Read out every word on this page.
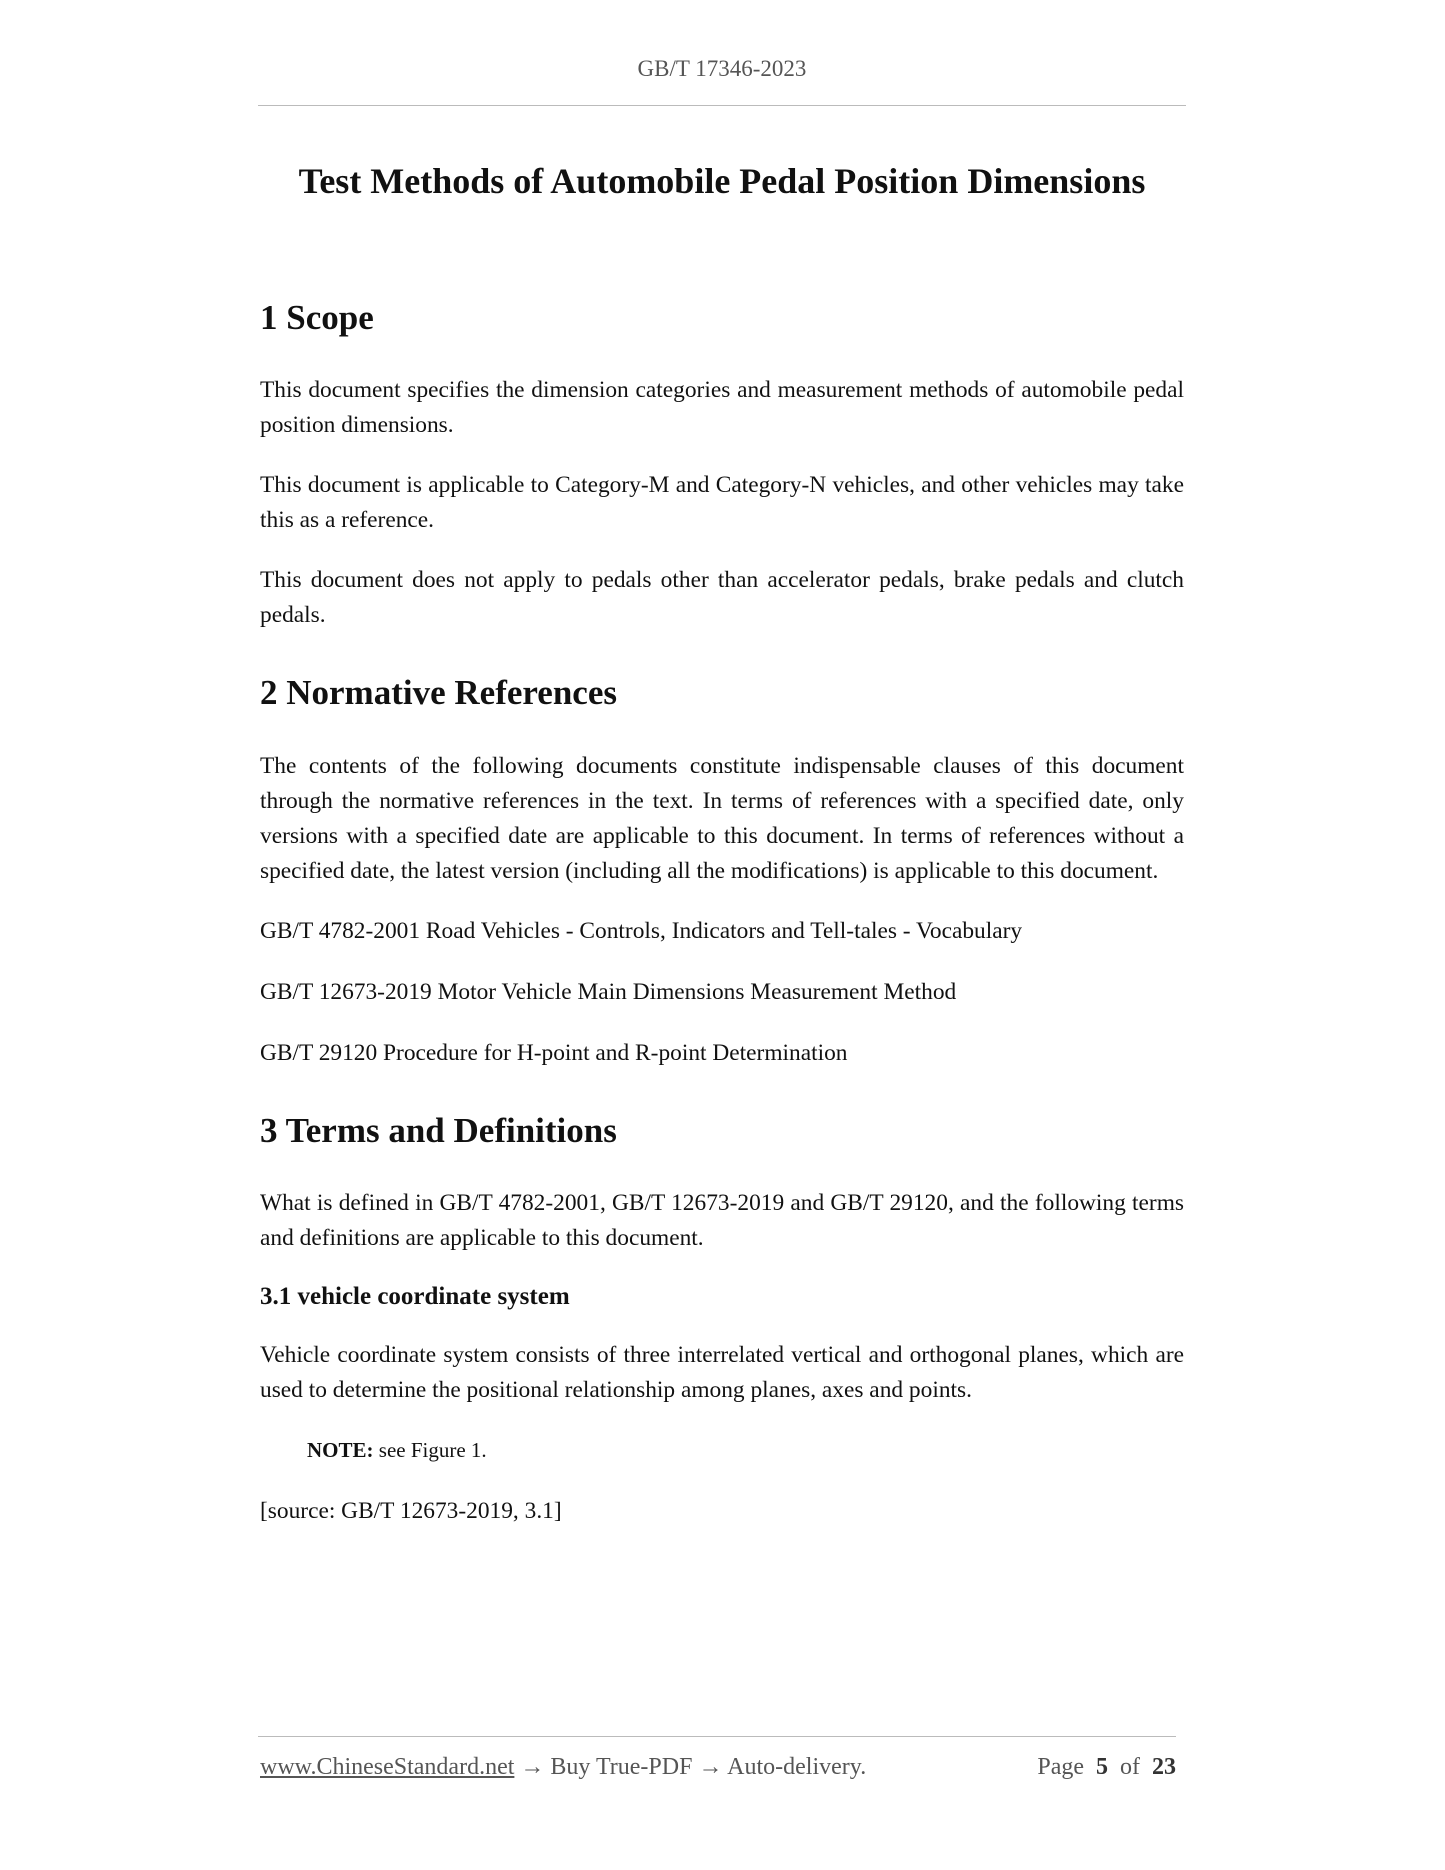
GB/T 17346-2023
Test Methods of Automobile Pedal Position Dimensions
1 Scope

This document specifies the dimension categories and measurement methods of automobile pedal position dimensions.

This document is applicable to Category-M and Category-N vehicles, and other vehicles may take this as a reference.

This document does not apply to pedals other than accelerator pedals, brake pedals and clutch pedals.

2 Normative References

The contents of the following documents constitute indispensable clauses of this document through the normative references in the text. In terms of references with a specified date, only versions with a specified date are applicable to this document. In terms of references without a specified date, the latest version (including all the modifications) is applicable to this document.

GB/T 4782-2001 Road Vehicles - Controls, Indicators and Tell-tales - Vocabulary

GB/T 12673-2019 Motor Vehicle Main Dimensions Measurement Method

GB/T 29120 Procedure for H-point and R-point Determination

3 Terms and Definitions

What is defined in GB/T 4782-2001, GB/T 12673-2019 and GB/T 29120, and the following terms and definitions are applicable to this document.

3.1 vehicle coordinate system

Vehicle coordinate system consists of three interrelated vertical and orthogonal planes, which are used to determine the positional relationship among planes, axes and points.

NOTE: see Figure 1.

[source: GB/T 12673-2019, 3.1]

www.ChineseStandard.net → Buy True-PDF → Auto-delivery.	Page 5 of 23
